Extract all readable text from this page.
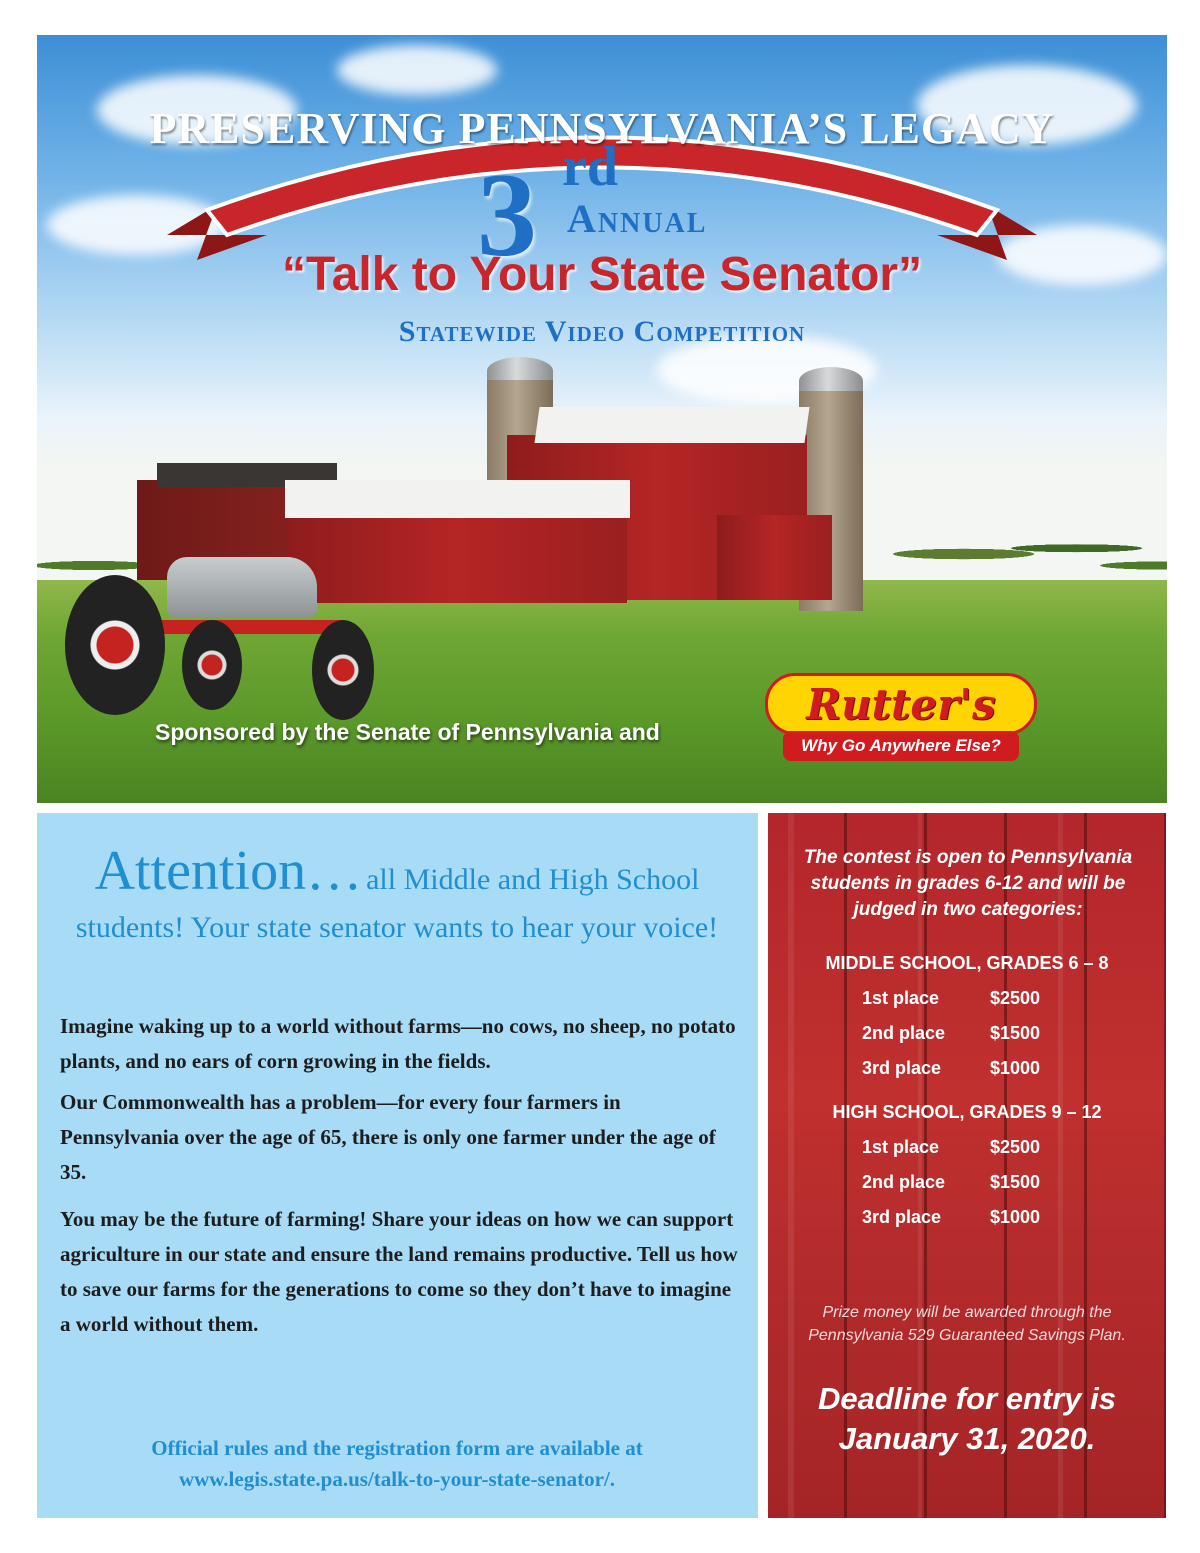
PRESERVING PENNSYLVANIA’S LEGACY
3 rd
Annual
“Talk to Your State Senator”
Statewide Video Competition
Sponsored by the Senate of Pennsylvania and
Rutter's
Why Go Anywhere Else?
Attention… all Middle and High School students! Your state senator wants to hear your voice!

Imagine waking up to a world without farms—no cows, no sheep, no potato plants, and no ears of corn growing in the fields.

Our Commonwealth has a problem—for every four farmers in Pennsylvania over the age of 65, there is only one farmer under the age of 35.

You may be the future of farming! Share your ideas on how we can support agriculture in our state and ensure the land remains productive. Tell us how to save our farms for the generations to come so they don’t have to imagine a world without them.

Official rules and the registration form are available at
www.legis.state.pa.us/talk-to-your-state-senator/.
The contest is open to Pennsylvania students in grades 6-12 and will be judged in two categories:
MIDDLE SCHOOL, GRADES 6 – 8
1st place	$2500
2nd place $1500
3rd place	$1000
HIGH SCHOOL, GRADES 9 – 12
1st place	$2500
2nd place $1500
3rd place	$1000
Prize money will be awarded through the Pennsylvania 529 Guaranteed Savings Plan.
Deadline for entry is January 31, 2020.
